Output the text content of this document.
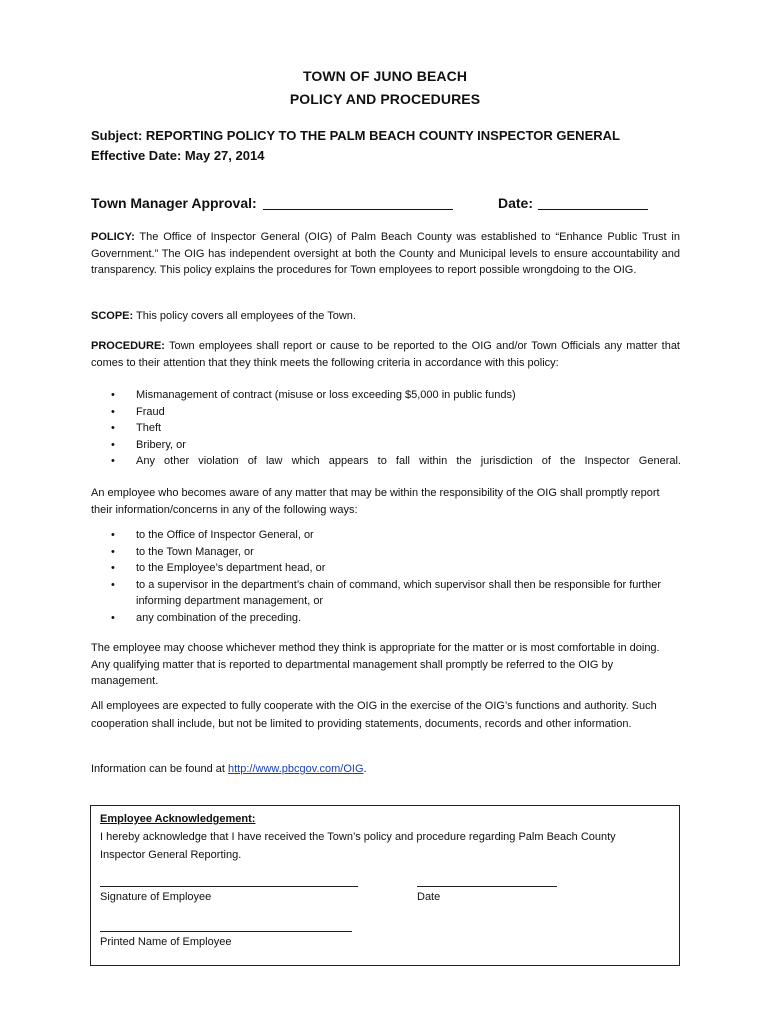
TOWN OF JUNO BEACH
POLICY AND PROCEDURES
Subject: REPORTING POLICY TO THE PALM BEACH COUNTY INSPECTOR GENERAL
Effective Date: May 27, 2014
Town Manager Approval:	Date:
POLICY: The Office of Inspector General (OIG) of Palm Beach County was established to “Enhance Public Trust in Government.” The OIG has independent oversight at both the County and Municipal levels to ensure accountability and transparency. This policy explains the procedures for Town employees to report possible wrongdoing to the OIG.
SCOPE: This policy covers all employees of the Town.
PROCEDURE: Town employees shall report or cause to be reported to the OIG and/or Town Officials any matter that comes to their attention that they think meets the following criteria in accordance with this policy:
• Mismanagement of contract (misuse or loss exceeding $5,000 in public funds)
• Fraud
• Theft
• Bribery, or
• Any other violation of law which appears to fall within the jurisdiction of the Inspector General.
An employee who becomes aware of any matter that may be within the responsibility of the OIG shall promptly report their information/concerns in any of the following ways:
• to the Office of Inspector General, or
• to the Town Manager, or
• to the Employee’s department head, or
• to a supervisor in the department’s chain of command, which supervisor shall then be responsible for further informing department management, or
• any combination of the preceding.
The employee may choose whichever method they think is appropriate for the matter or is most comfortable in doing. Any qualifying matter that is reported to departmental management shall promptly be referred to the OIG by management.
All employees are expected to fully cooperate with the OIG in the exercise of the OIG’s functions and authority. Such cooperation shall include, but not be limited to providing statements, documents, records and other information.
Information can be found at http://www.pbcgov.com/OIG.
Employee Acknowledgement:
I hereby acknowledge that I have received the Town’s policy and procedure regarding Palm Beach County Inspector General Reporting.
Signature of Employee	Date
Printed Name of Employee
